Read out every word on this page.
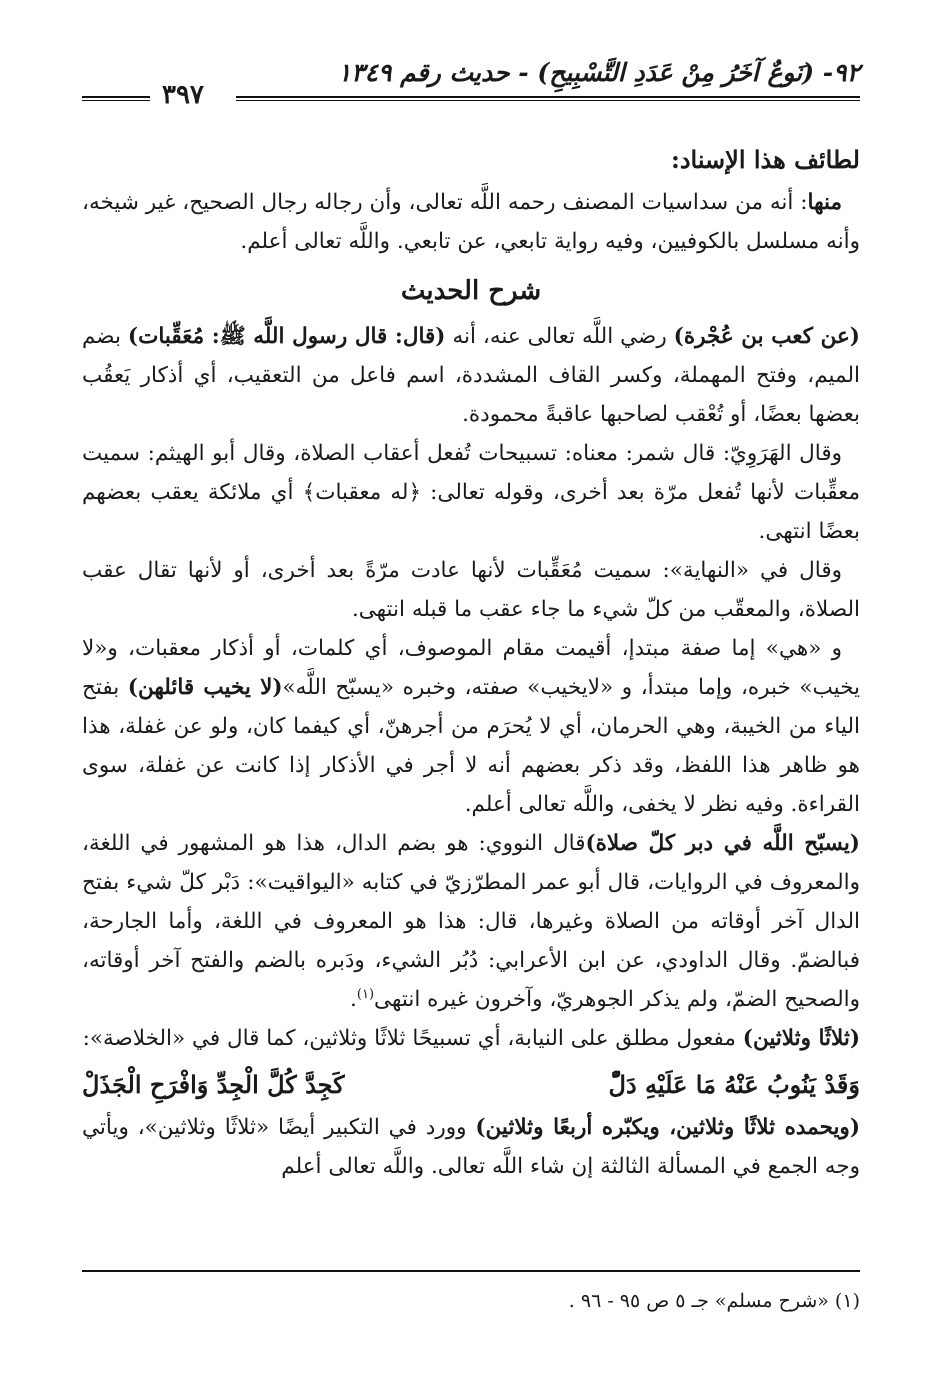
٩٢- (نَوعٌ آخَرُ مِنْ عَدَدِ التَّسْبِيحِ) - حديث رقم ١٣٤٩
٣٩٧
لطائف هذا الإسناد:

منها: أنه من سداسيات المصنف رحمه اللَّه تعالى، وأن رجاله رجال الصحيح، غير شيخه، وأنه مسلسل بالكوفيين، وفيه رواية تابعي، عن تابعي. واللَّه تعالى أعلم.

شرح الحديث

(عن كعب بن عُجْرة) رضي اللَّه تعالى عنه، أنه (قال: قال رسول اللَّه ﷺ: مُعَقِّبات) بضم الميم، وفتح المهملة، وكسر القاف المشددة، اسم فاعل من التعقيب، أي أذكار يَعقُب بعضها بعضًا، أو تُعْقب لصاحبها عاقبةً محمودة.

وقال الهَرَوِيّ: قال شمر: معناه: تسبيحات تُفعل أعقاب الصلاة، وقال أبو الهيثم: سميت معقِّبات لأنها تُفعل مرّة بعد أخرى، وقوله تعالى: ﴿له معقبات﴾ أي ملائكة يعقب بعضهم بعضًا انتهى.

وقال في «النهاية»: سميت مُعَقِّبات لأنها عادت مرّةً بعد أخرى، أو لأنها تقال عقب الصلاة، والمعقّب من كلّ شيء ما جاء عقب ما قبله انتهى.

و «هي» إما صفة مبتدإ، أقيمت مقام الموصوف، أي كلمات، أو أذكار معقبات، و«لا يخيب» خبره، وإما مبتدأ، و «لايخيب» صفته، وخبره «يسبّح اللَّه»(لا يخيب قائلهن) بفتح الياء من الخيبة، وهي الحرمان، أي لا يُحرَم من أجرهنّ، أي كيفما كان، ولو عن غفلة، هذا هو ظاهر هذا اللفظ، وقد ذكر بعضهم أنه لا أجر في الأذكار إذا كانت عن غفلة، سوى القراءة. وفيه نظر لا يخفى، واللَّه تعالى أعلم.

(يسبّح اللَّه في دبر كلّ صلاة)قال النووي: هو بضم الدال، هذا هو المشهور في اللغة، والمعروف في الروايات، قال أبو عمر المطرّزيّ في كتابه «اليواقيت»: دَبْر كلّ شيء بفتح الدال آخر أوقاته من الصلاة وغيرها، قال: هذا هو المعروف في اللغة، وأما الجارحة، فبالضمّ. وقال الداودي، عن ابن الأعرابي: دُبُر الشيء، ودَبره بالضم والفتح آخر أوقاته، والصحيح الضمّ، ولم يذكر الجوهريّ، وآخرون غيره انتهى$^{(١)}$.

(ثلاثًا وثلاثين) مفعول مطلق على النيابة، أي تسبيحًا ثلاثًا وثلاثين، كما قال في «الخلاصة»:

وَقَدْ يَنُوبُ عَنْهُ مَا عَلَيْهِ دَلّْ
كَجِدَّ كُلَّ الْجِدِّ وَافْرَحِ الْجَذَلْ

(ويحمده ثلاثًا وثلاثين، ويكبّره أربعًا وثلاثين) وورد في التكبير أيضًا «ثلاثًا وثلاثين»، ويأتي وجه الجمع في المسألة الثالثة إن شاء اللَّه تعالى. واللَّه تعالى أعلم

(١) «شرح مسلم» جـ ٥ ص ٩٥ - ٩٦ .
